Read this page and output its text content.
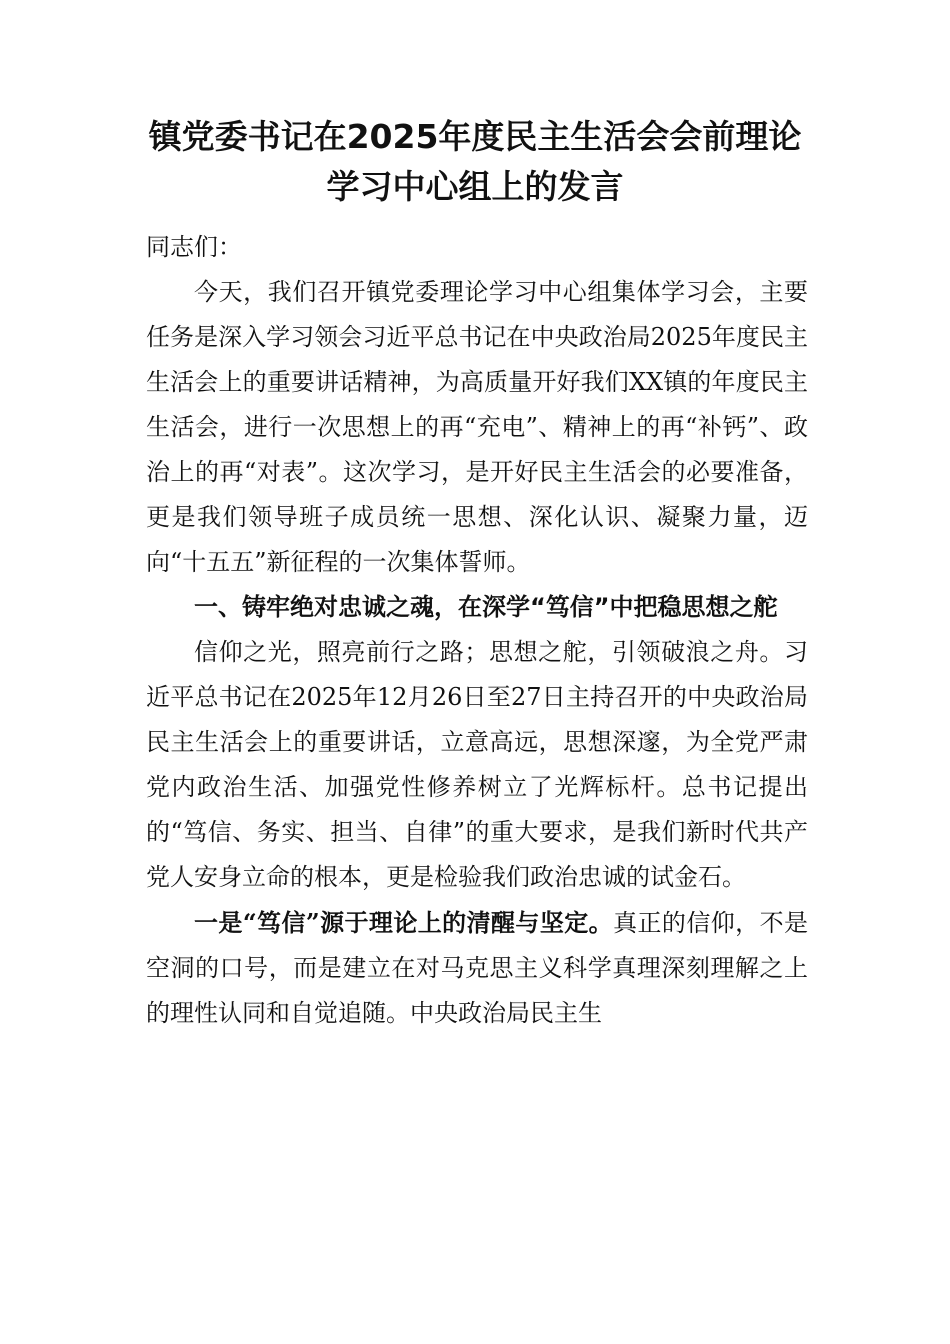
镇党委书记在2025年度民主生活会会前理论学习中心组上的发言

同志们：

今天，我们召开镇党委理论学习中心组集体学习会，主要任务是深入学习领会习近平总书记在中央政治局2025年度民主生活会上的重要讲话精神，为高质量开好我们XX镇的年度民主生活会，进行一次思想上的再“充电”、精神上的再“补钙”、政治上的再“对表”。这次学习，是开好民主生活会的必要准备，更是我们领导班子成员统一思想、深化认识、凝聚力量，迈向“十五五”新征程的一次集体誓师。

一、铸牢绝对忠诚之魂，在深学“笃信”中把稳思想之舵

信仰之光，照亮前行之路；思想之舵，引领破浪之舟。习近平总书记在2025年12月26日至27日主持召开的中央政治局民主生活会上的重要讲话，立意高远，思想深邃，为全党严肃党内政治生活、加强党性修养树立了光辉标杆。总书记提出的“笃信、务实、担当、自律”的重大要求，是我们新时代共产党人安身立命的根本，更是检验我们政治忠诚的试金石。

一是“笃信”源于理论上的清醒与坚定。真正的信仰，不是空洞的口号，而是建立在对马克思主义科学真理深刻理解之上的理性认同和自觉追随。中央政治局民主生
